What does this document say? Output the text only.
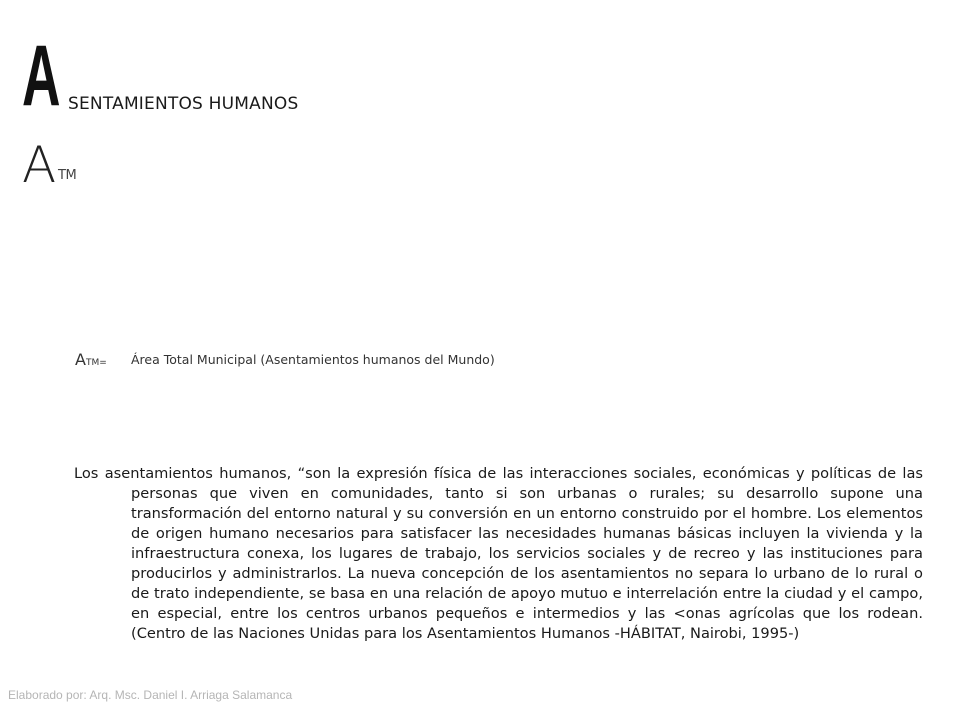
A SENTAMIENTOS HUMANOS
A TM
ATM= Área Total Municipal (Asentamientos humanos del Mundo)

Los asentamientos humanos, “son la expresión física de las interacciones sociales, económicas y políticas de las personas que viven en comunidades, tanto si son urbanas o rurales; su desarrollo supone una transformación del entorno natural y su conversión en un entorno construido por el hombre. Los elementos de origen humano necesarios para satisfacer las necesidades humanas básicas incluyen la vivienda y la infraestructura conexa, los lugares de trabajo, los servicios sociales y de recreo y las instituciones para producirlos y administrarlos. La nueva concepción de los asentamientos no separa lo urbano de lo rural o de trato independiente, se basa en una relación de apoyo mutuo e interrelación entre la ciudad y el campo, en especial, entre los centros urbanos pequeños e intermedios y las <onas agrícolas que los rodean. (Centro de las Naciones Unidas para los Asentamientos Humanos -HÁBITAT, Nairobi, 1995-)

Elaborado por: Arq. Msc. Daniel I. Arriaga Salamanca
